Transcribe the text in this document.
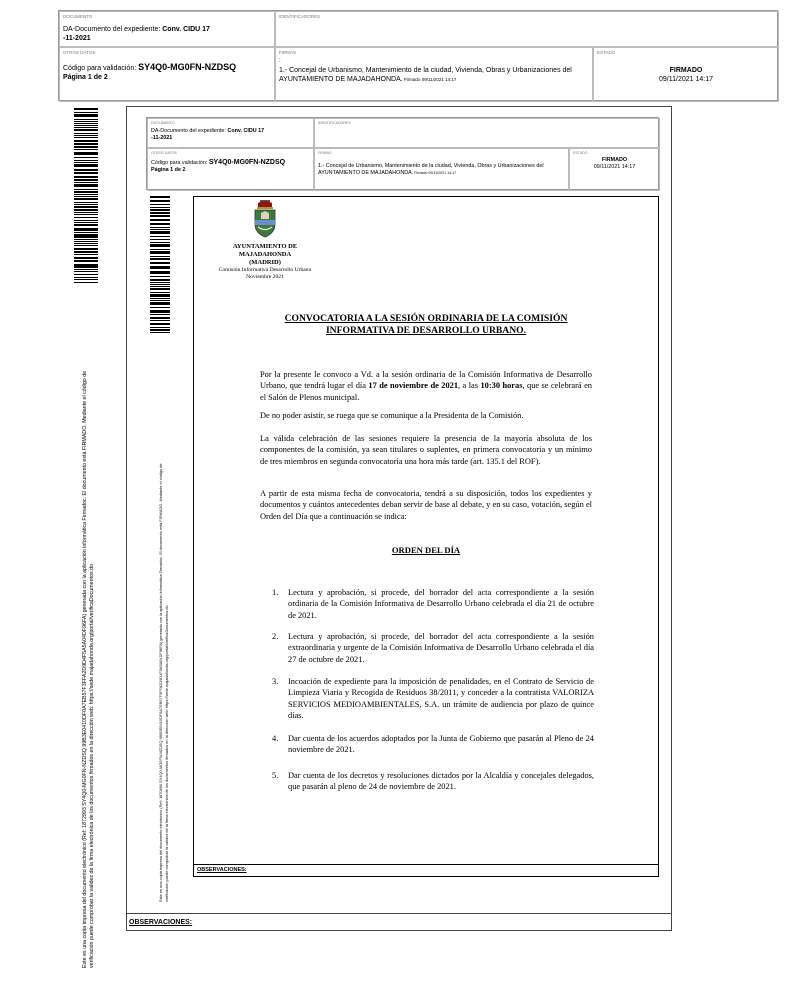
DOCUMENTO
DA-Documento del expediente: Conv. CIDU 17
-11-2021
IDENTIFICADORES
OTROS DATOS
Código para validación: SY4Q0-MG0FN-NZDSQ
Página 1 de 2
FIRMAS
:
1.- Concejal de Urbanismo, Mantenimiento de la ciudad, Vivienda, Obras y Urbanizaciones del AYUNTAMIENTO DE MAJADAHONDA. Firmado 09/11/2021 14:17
ESTADO
FIRMADO
09/11/2021 14:17
DOCUMENTO
DA-Documento del expediente: Conv. CIDU 17
-11-2021
IDENTIFICADORES
OTROS DATOS
Código para validación: SY4Q0-MG0FN-NZDSQ
Página 1 de 2
FIRMAS
1.- Concejal de Urbanismo, Mantenimiento de la ciudad, Vivienda, Obras y Urbanizaciones del AYUNTAMIENTO DE MAJADAHONDA. Firmado 09/11/2021 14:17
ESTADO
FIRMADO
09/11/2021 14:17
Este es una copia impresa del documento electrónico (Ref: 1872993 SY4Q0-MG0FN-NZDSQ 99B3E0410DF0A7EB57F3FFA2D9D4F5A5A04DF96FA) generada con la aplicación informática Firmadoc. El documento está FIRMADO. Mediante el código de verificación puede comprobar la validez de la firma electrónica de los documentos firmados en la dirección web: https://sede.majadahonda.org/portal/verificaDocumentos.do	Este es una copia impresa del documento electrónico (Ref: 1870690 SY4Q0-MG0FN-NZDSQ 99B3E0410DF0A7EB57F3FFA2D9D4F5A5A04DF96FA) generada con la aplicación informática Firmadoc. El documento está FIRMADO. Mediante el código de verificación puede comprobar la validez de la firma electrónica de los documentos firmados en la dirección web: https://sede.majadahonda.org/portal/verificaDocumentos.do
AYUNTAMIENTO DE
MAJADAHONDA
(MADRID)
Comisión Informativa Desarrollo Urbano
Noviembre 2021
CONVOCATORIA A LA SESIÓN ORDINARIA DE LA COMISIÓN
INFORMATIVA DE DESARROLLO URBANO.
Por la presente le convoco a Vd. a la sesión ordinaria de la Comisión Informativa de Desarrollo Urbano, que tendrá lugar el día 17 de noviembre de 2021, a las 10:30 horas, que se celebrará en el Salón de Plenos municipal.
De no poder asistir, se ruega que se comunique a la Presidenta de la Comisión.
La válida celebración de las sesiones requiere la presencia de la mayoría absoluta de los componentes de la comisión, ya sean titulares o suplentes, en primera convocatoria y un mínimo de tres miembros en segunda convocatoria una hora más tarde (art. 135.1 del ROF).
A partir de esta misma fecha de convocatoria, tendrá a su disposición, todos los expedientes y documentos y cuántos antecedentes deban servir de base al debate, y en su caso, votación, según el Orden del Día que a continuación se indica:
ORDEN DEL DÍA
1. Lectura y aprobación, si procede, del borrador del acta correspondiente a la sesión ordinaria de la Comisión Informativa de Desarrollo Urbano celebrada el día 21 de octubre de 2021.
2. Lectura y aprobación, si procede, del borrador del acta correspondiente a la sesión extraordinaria y urgente de la Comisión Informativa de Desarrollo Urbano celebrada el día 27 de octubre de 2021.
3. Incoación de expediente para la imposición de penalidades, en el Contrato de Servicio de Limpieza Viaria y Recogida de Residuos 38/2011, y conceder a la contratista VALORIZA SERVICIOS MEDIOAMBIENTALES, S.A. un trámite de audiencia por plazo de quince días.
4. Dar cuenta de los acuerdos adoptados por la Junta de Gobierno que pasarán al Pleno de 24 noviembre de 2021.
5. Dar cuenta de los decretos y resoluciones dictados por la Alcaldía y concejales delegados, que pasarán al pleno de 24 de noviembre de 2021.
OBSERVACIONES:
OBSERVACIONES:
